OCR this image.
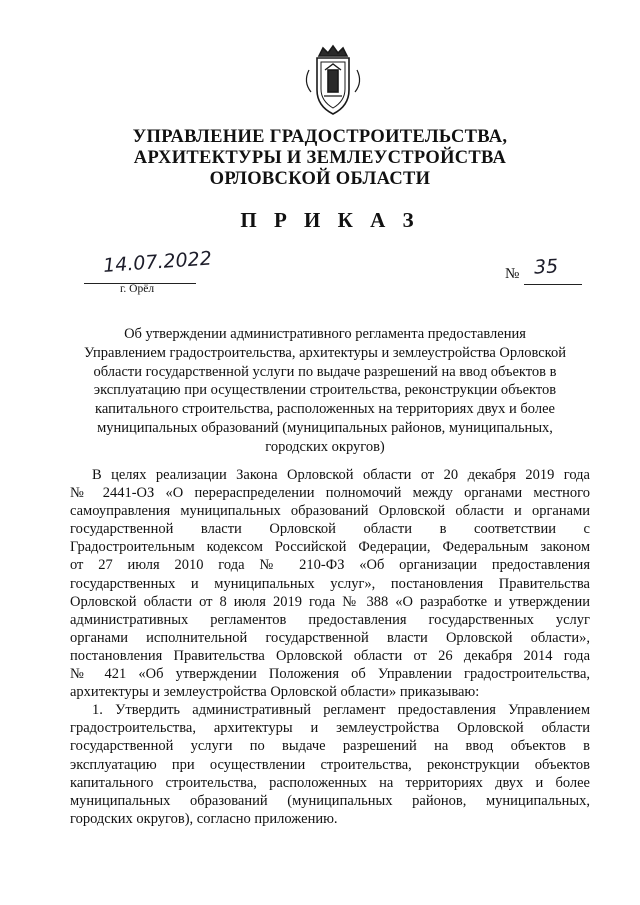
УПРАВЛЕНИЕ ГРАДОСТРОИТЕЛЬСТВА,
АРХИТЕКТУРЫ И ЗЕМЛЕУСТРОЙСТВА
ОРЛОВСКОЙ ОБЛАСТИ
П Р И К А З
14.07.2022
г. Орёл
№ 35
Об утверждении административного регламента предоставления
Управлением градостроительства, архитектуры и землеустройства Орловской
области государственной услуги по выдаче разрешений на ввод объектов в
эксплуатацию при осуществлении строительства, реконструкции объектов
капитального строительства, расположенных на территориях двух и более
муниципальных образований (муниципальных районов, муниципальных,
городских округов)
В целях реализации Закона Орловской области от 20 декабря 2019 года
№ 2441-ОЗ «О перераспределении полномочий между органами местного
самоуправления муниципальных образований Орловской области и органами
государственной власти Орловской области в соответствии с
Градостроительным кодексом Российской Федерации, Федеральным законом
от 27 июля 2010 года № 210-ФЗ «Об организации предоставления
государственных и муниципальных услуг», постановления Правительства
Орловской области от 8 июля 2019 года № 388 «О разработке и утверждении
административных регламентов предоставления государственных услуг
органами исполнительной государственной власти Орловской области»,
постановления Правительства Орловской области от 26 декабря 2014 года
№ 421 «Об утверждении Положения об Управлении градостроительства,
архитектуры и землеустройства Орловской области» приказываю:
1. Утвердить административный регламент предоставления Управлением
градостроительства, архитектуры и землеустройства Орловской области
государственной услуги по выдаче разрешений на ввод объектов в
эксплуатацию при осуществлении строительства, реконструкции объектов
капитального строительства, расположенных на территориях двух и более
муниципальных образований (муниципальных районов, муниципальных,
городских округов), согласно приложению.
